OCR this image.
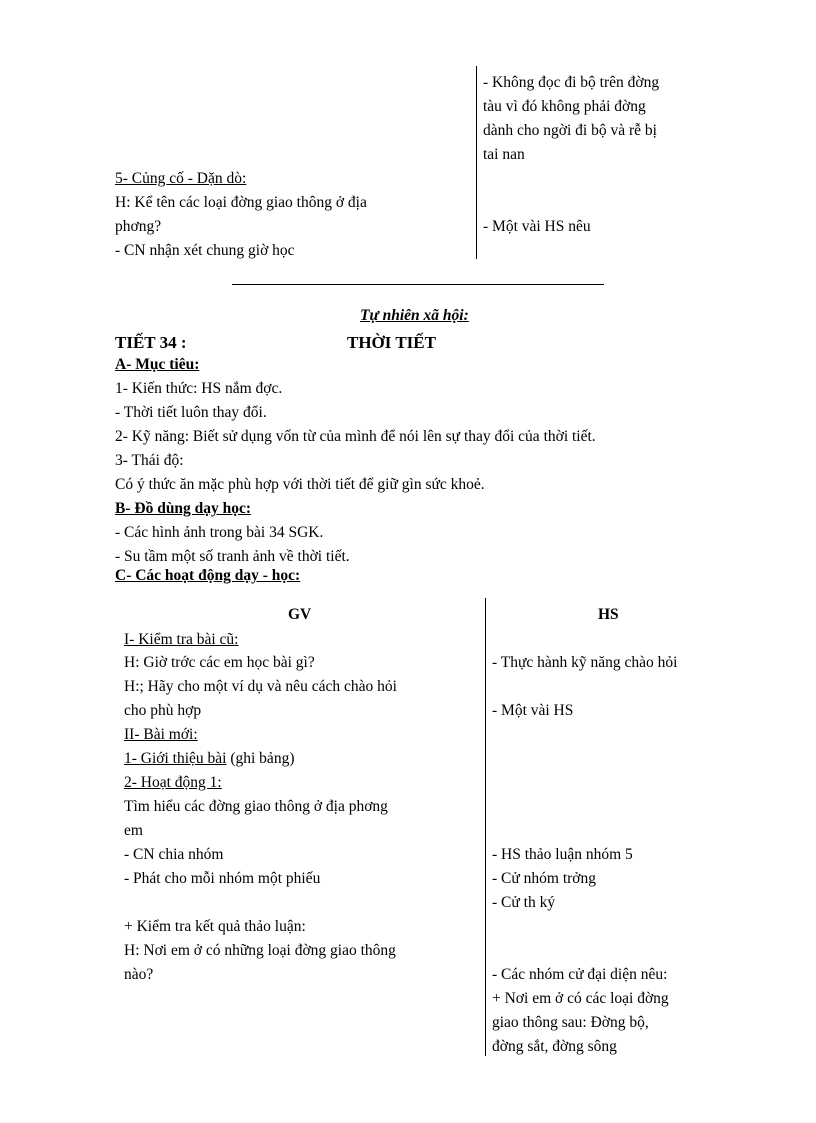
- Không đọc đi bộ trên đờng
tàu vì đó không phải đờng
dành cho ngời đi bộ và rễ bị
tai nan
5- Củng cố - Dặn dò:
H: Kể tên các loại đờng giao thông ở địa
phơng?
- CN nhận xét chung giờ học
- Một vài HS nêu
Tự nhiên xã hội:
TIẾT 34 :	THỜI TIẾT
A- Mục tiêu:
1- Kiến thức: HS nắm đợc.
- Thời tiết luôn thay đổi.
2- Kỹ năng: Biết sử dụng vốn từ của mình để nói lên sự thay đổi của thời tiết.
3- Thái độ:
Có ý thức ăn mặc phù hợp với thời tiết để giữ gìn sức khoẻ.
B- Đồ dùng dạy học:
- Các hình ảnh trong bài 34 SGK.
- Su tầm một số tranh ảnh về thời tiết.
C- Các hoạt động dạy - học:
GV	HS
I- Kiểm tra bài cũ:
H: Giờ trớc các em học bài gì?
H:; Hãy cho một ví dụ và nêu cách chào hỏi
cho phù hợp
II- Bài mới:
1- Giới thiệu bài (ghi bảng)
2- Hoạt động 1:
Tìm hiểu các đờng giao thông ở địa phơng
em
- CN chia nhóm
- Phát cho mỗi nhóm một phiếu
+ Kiểm tra kết quả thảo luận:
H: Nơi em ở có những loại đờng giao thông
nào?
- Thực hành kỹ năng chào hỏi
- Một vài HS
- HS thảo luận nhóm 5
- Cử nhóm trởng
- Cử th ký
- Các nhóm cử đại diện nêu:
+ Nơi em ở có các loại đờng
giao thông sau: Đờng bộ,
đờng sắt, đờng sông
